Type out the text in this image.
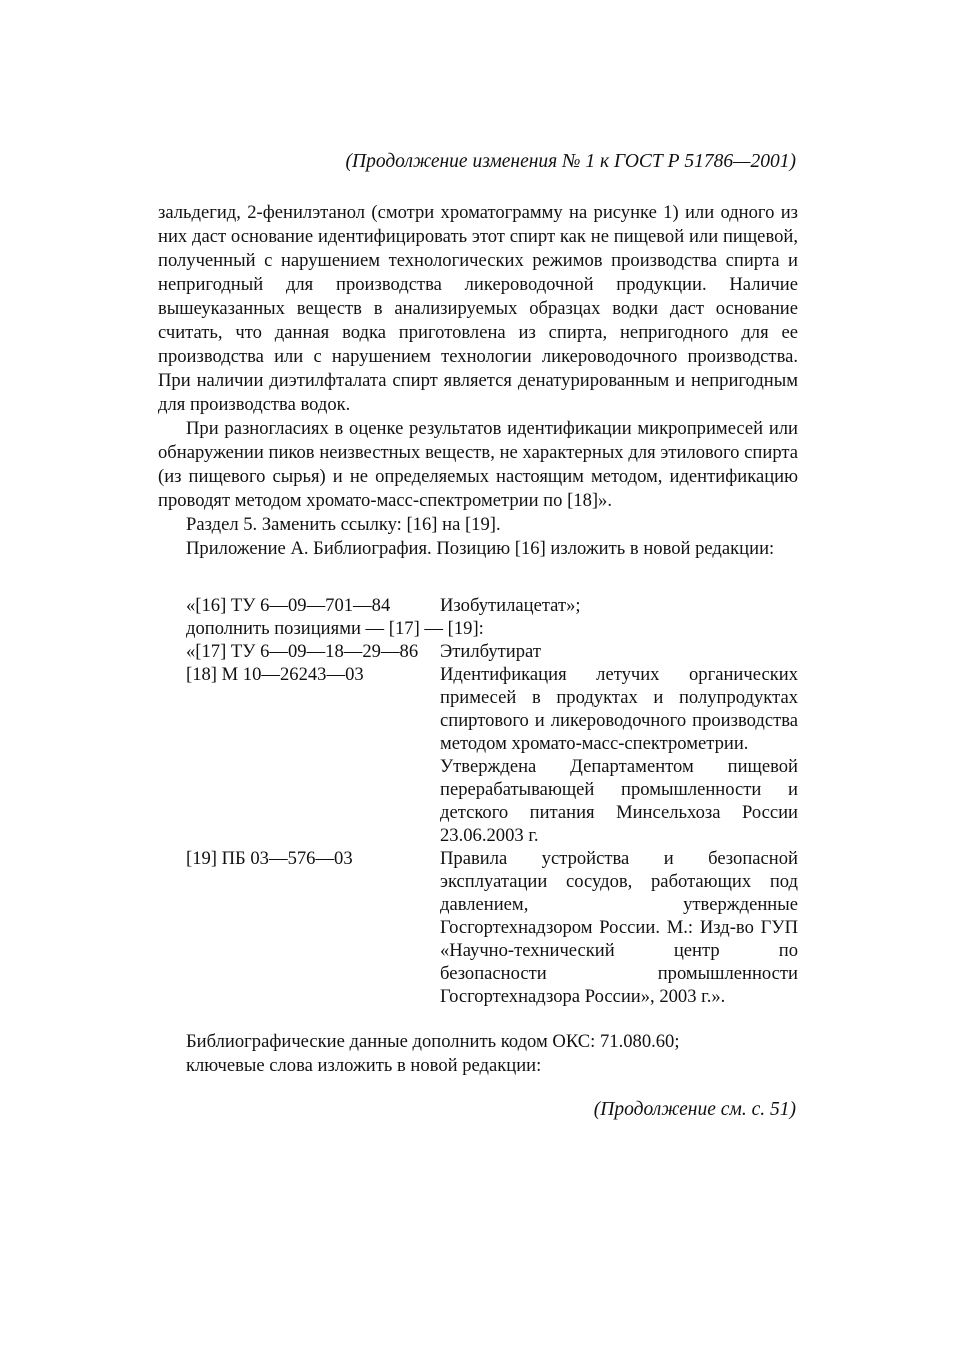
(Продолжение изменения № 1 к ГОСТ Р 51786—2001)

зальдегид, 2-фенилэтанол (смотри хроматограмму на рисунке 1) или одного из них даст основание идентифицировать этот спирт как не пищевой или пищевой, полученный с нарушением технологических режимов производства спирта и непригодный для производства ликероводочной продукции. Наличие вышеуказанных веществ в анализируемых образцах водки даст основание считать, что данная водка приготовлена из спирта, непригодного для ее производства или с нарушением технологии ликероводочного производства. При наличии диэтилфталата спирт является денатурированным и непригодным для производства водок.

При разногласиях в оценке результатов идентификации микропримесей или обнаружении пиков неизвестных веществ, не характерных для этилового спирта (из пищевого сырья) и не определяемых настоящим методом, идентификацию проводят методом хромато-масс-спектрометрии по [18]».

Раздел 5. Заменить ссылку: [16] на [19].

Приложение А. Библиография. Позицию [16] изложить в новой редакции:

«[16] ТУ 6—09—701—84	Изобутилацетат»;
дополнить позициями — [17] — [19]:
«[17] ТУ 6—09—18—29—86 Этилбутират
[18] М 10—26243—03	Идентификация летучих органических примесей в продуктах и полупродуктах спиртового и ликероводочного производства методом хромато-масс-спектрометрии.

Утверждена Департаментом пищевой перерабатывающей промышленности и детского питания Минсельхоза России 23.06.2003 г.

[19] ПБ 03—576—03	Правила устройства и безопасной эксплуатации сосудов, работающих под давлением, утвержденные Госгортехнадзором России. М.: Изд-во ГУП «Научно-технический центр по безопасности промышленности Госгортехнадзора России», 2003 г.».

Библиографические данные дополнить кодом ОКС: 71.080.60;
ключевые слова изложить в новой редакции:
(Продолжение см. с. 51)
